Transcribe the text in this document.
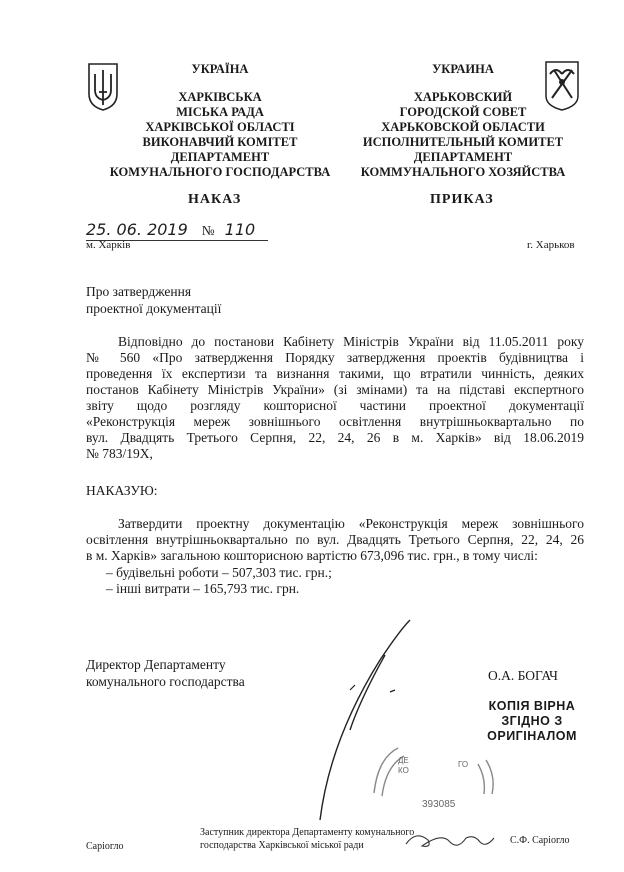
УКРАЇНА
ХАРКІВСЬКА
МІСЬКА РАДА
ХАРКІВСЬКОЇ ОБЛАСТІ
ВИКОНАВЧИЙ КОМІТЕТ
ДЕПАРТАМЕНТ
КОМУНАЛЬНОГО ГОСПОДАРСТВА
УКРАИНА
ХАРЬКОВСКИЙ
ГОРОДСКОЙ СОВЕТ
ХАРЬКОВСКОЙ ОБЛАСТИ
ИСПОЛНИТЕЛЬНЫЙ КОМИТЕТ
ДЕПАРТАМЕНТ
КОММУНАЛЬНОГО ХОЗЯЙСТВА
НАКАЗ	ПРИКАЗ
25. 06. 2019 № 110
м. Харків	г. Харьков
Про затвердження
проектної документації
Відповідно до постанови Кабінету Міністрів України від 11.05.2011 року
№ 560 «Про затвердження Порядку затвердження проектів будівництва і
проведення їх експертизи та визнання такими, що втратили чинність, деяких
постанов Кабінету Міністрів України» (зі змінами) та на підставі експертного
звіту щодо розгляду кошторисної частини проектної документації
«Реконструкція мереж зовнішнього освітлення внутрішньоквартально по
вул. Двадцять Третього Серпня, 22, 24, 26 в м. Харків» від 18.06.2019
№ 783/19Х,
НАКАЗУЮ:
Затвердити проектну документацію «Реконструкція мереж зовнішнього
освітлення внутрішньоквартально по вул. Двадцять Третього Серпня, 22, 24, 26
в м. Харків» загальною кошторисною вартістю 673,096 тис. грн., в тому числі:
– будівельні роботи – 507,303 тис. грн.;
– інші витрати – 165,793 тис. грн.
Директор Департаменту
комунального господарства	О.А. БОГАЧ
КОПІЯ ВІРНА
ЗГІДНО З
ОРИГІНАЛОМ
ДЕ
КО
ГО
393085
Саріогло
Заступник директора Департаменту комунального
господарства Харківської міської ради	С.Ф. Саріогло
